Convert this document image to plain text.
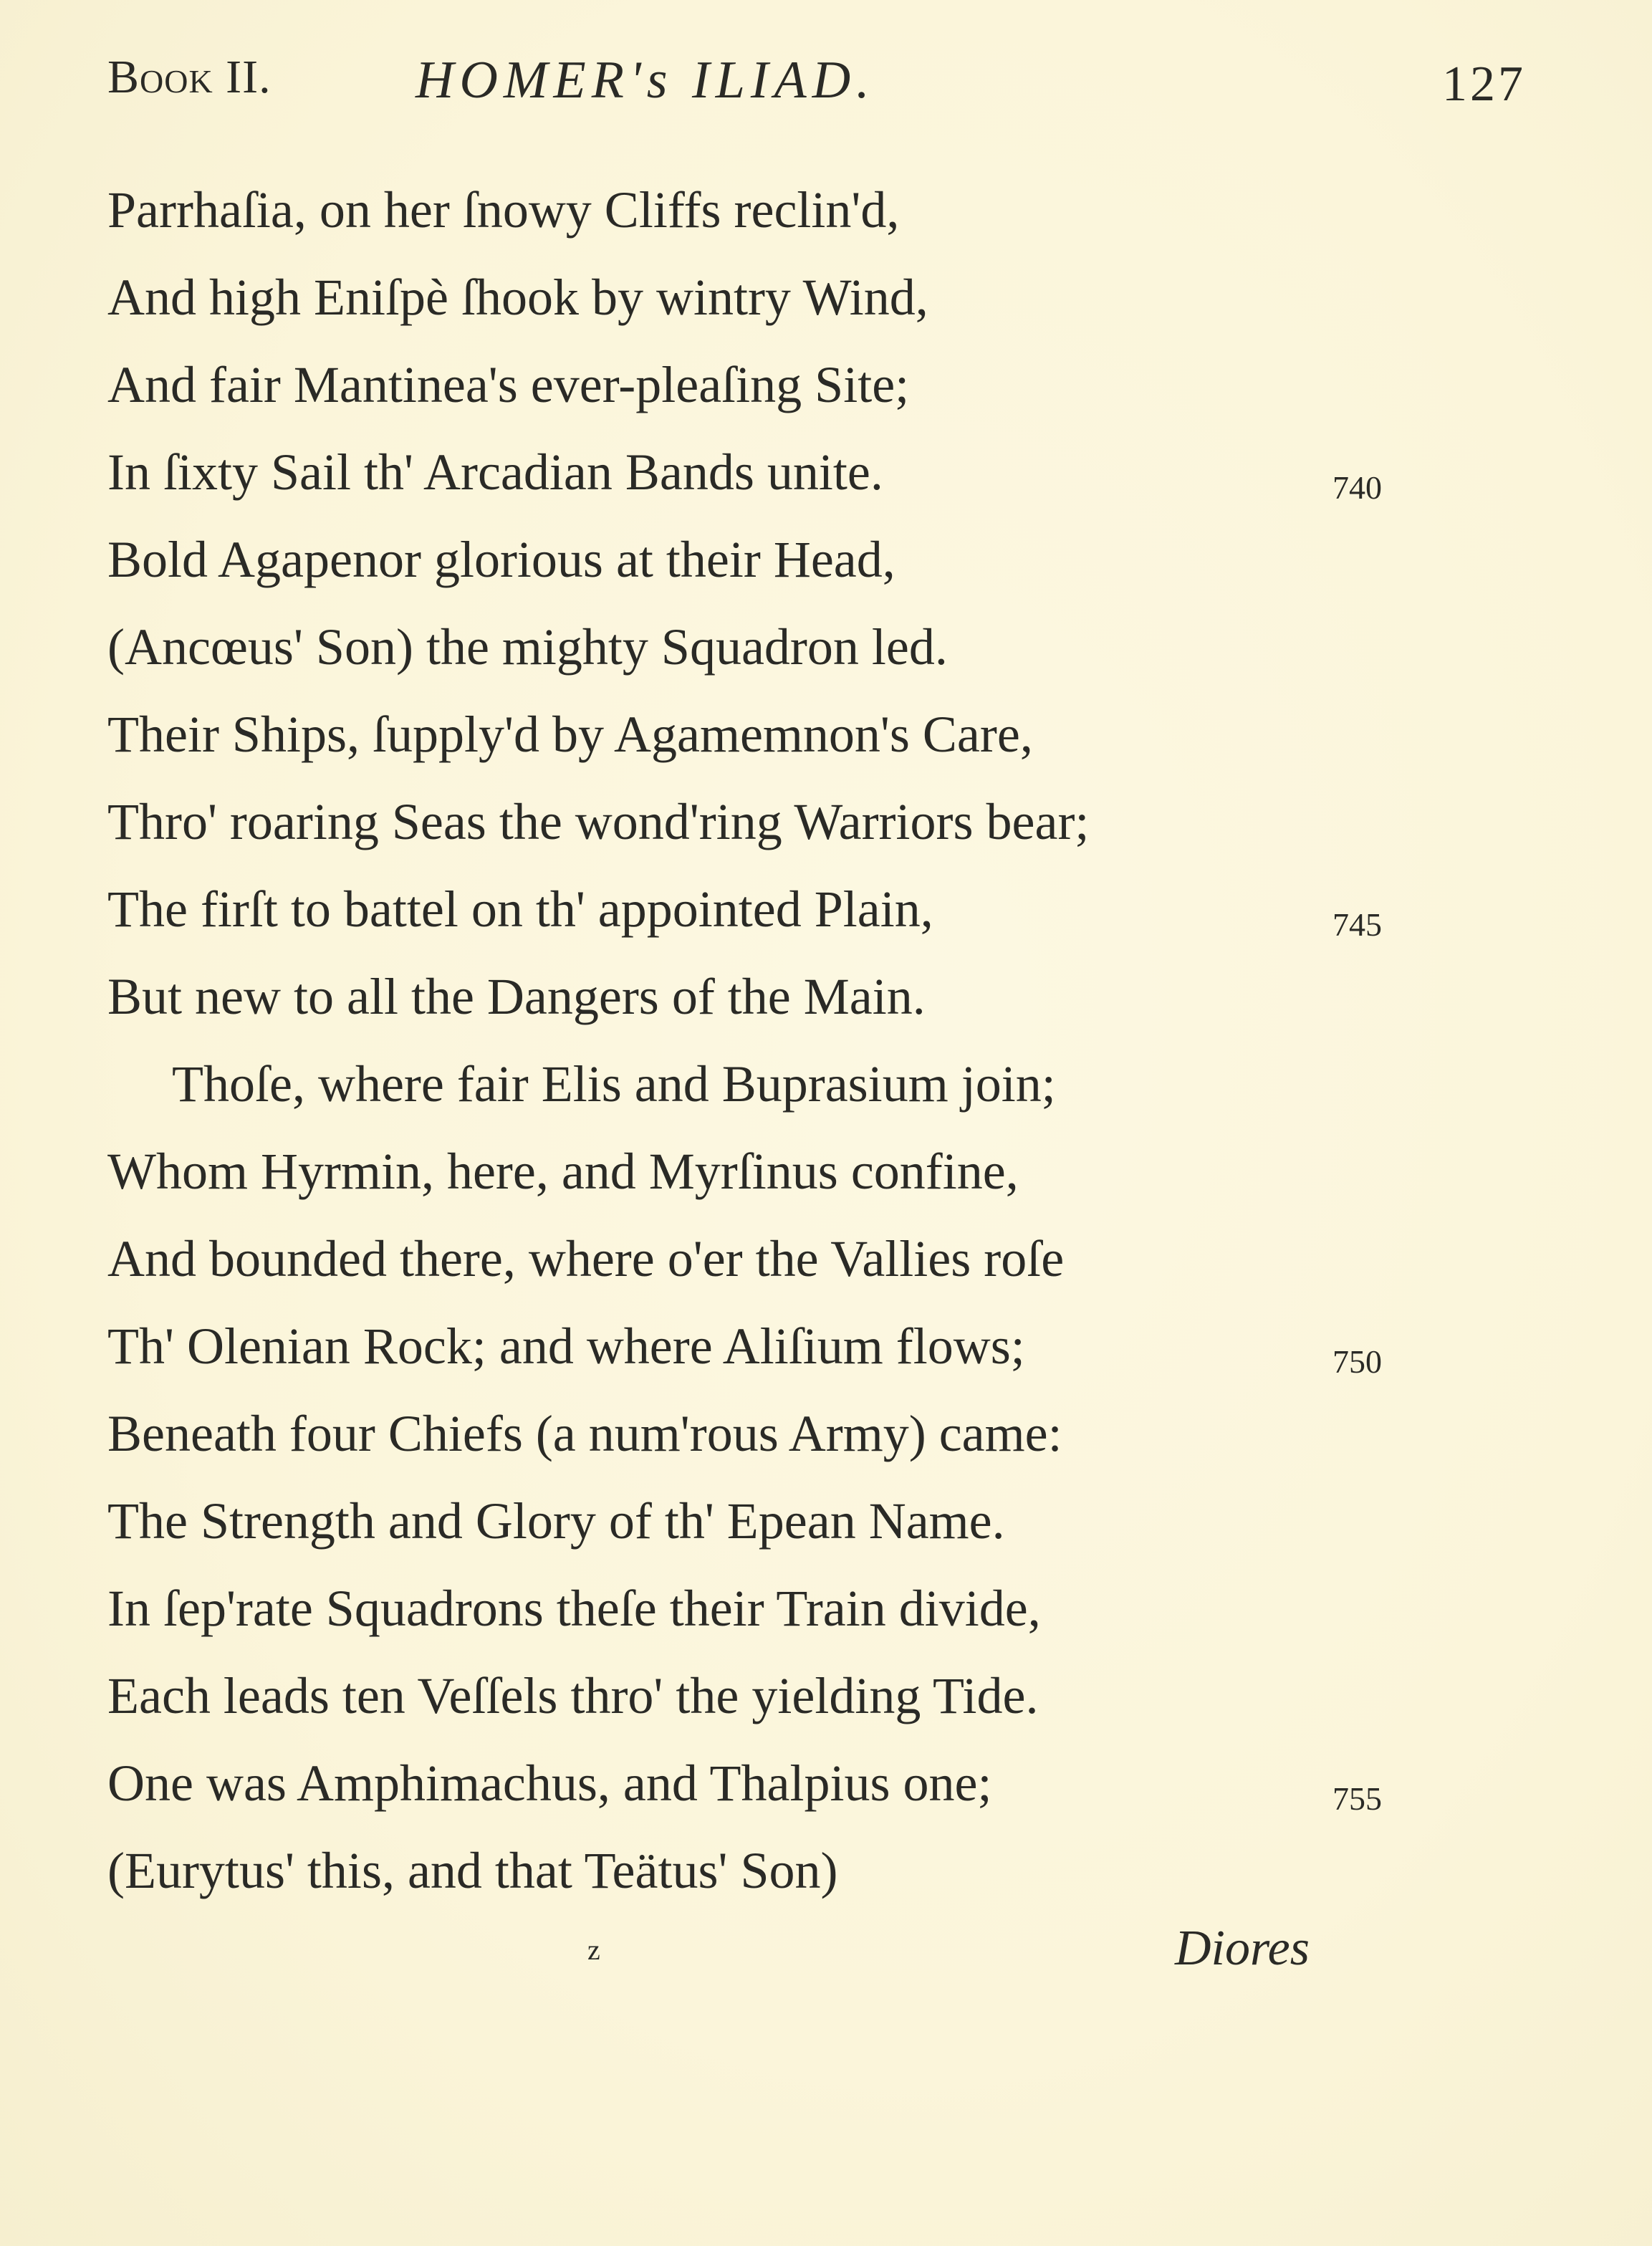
Book II.	HOMER's ILIAD.	127
Parrhaſia, on her ſnowy Cliffs reclin'd,
And high Eniſpè ſhook by wintry Wind,
And fair Mantinea's ever-pleaſing Site;
In ſixty Sail th' Arcadian Bands unite.	740
Bold Agapenor glorious at their Head,
(Ancœus' Son) the mighty Squadron led.
Their Ships, ſupply'd by Agamemnon's Care,
Thro' roaring Seas the wond'ring Warriors bear;
The firſt to battel on th' appointed Plain,	745
But new to all the Dangers of the Main.
Thoſe, where fair Elis and Buprasium join;
Whom Hyrmin, here, and Myrſinus confine,
And bounded there, where o'er the Vallies roſe
Th' Olenian Rock; and where Aliſium flows;	750
Beneath four Chiefs (a num'rous Army) came:
The Strength and Glory of th' Epean Name.
In ſep'rate Squadrons theſe their Train divide,
Each leads ten Veſſels thro' the yielding Tide.
One was Amphimachus, and Thalpius one;	755
(Eurytus' this, and that Teätus' Son)
z	Diores
